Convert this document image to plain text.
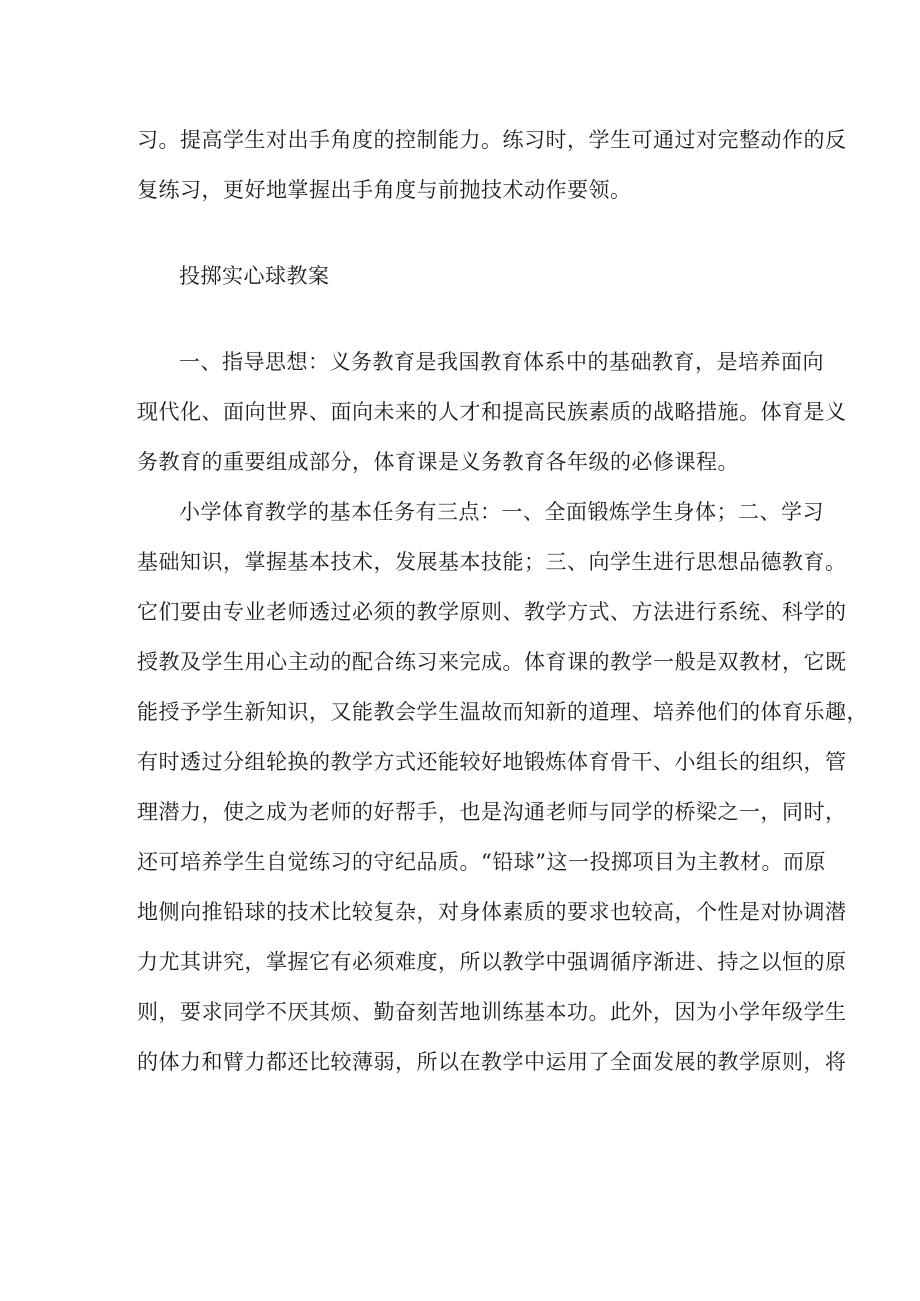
习。提高学生对出手角度的控制能力。练习时，学生可通过对完整动作的反
复练习，更好地掌握出手角度与前抛技术动作要领。
投掷实心球教案
一、指导思想：义务教育是我国教育体系中的基础教育，是培养面向
现代化、面向世界、面向未来的人才和提高民族素质的战略措施。体育是义
务教育的重要组成部分，体育课是义务教育各年级的必修课程。
小学体育教学的基本任务有三点：一、全面锻炼学生身体；二、学习
基础知识，掌握基本技术，发展基本技能；三、向学生进行思想品德教育。
它们要由专业老师透过必须的教学原则、教学方式、方法进行系统、科学的
授教及学生用心主动的配合练习来完成。体育课的教学一般是双教材，它既
能授予学生新知识，又能教会学生温故而知新的道理、培养他们的体育乐趣，
有时透过分组轮换的教学方式还能较好地锻炼体育骨干、小组长的组织，管
理潜力，使之成为老师的好帮手，也是沟通老师与同学的桥梁之一，同时，
还可培养学生自觉练习的守纪品质。“铅球”这一投掷项目为主教材。而原
地侧向推铅球的技术比较复杂，对身体素质的要求也较高，个性是对协调潜
力尤其讲究，掌握它有必须难度，所以教学中强调循序渐进、持之以恒的原
则，要求同学不厌其烦、勤奋刻苦地训练基本功。此外，因为小学年级学生
的体力和臂力都还比较薄弱，所以在教学中运用了全面发展的教学原则，将
